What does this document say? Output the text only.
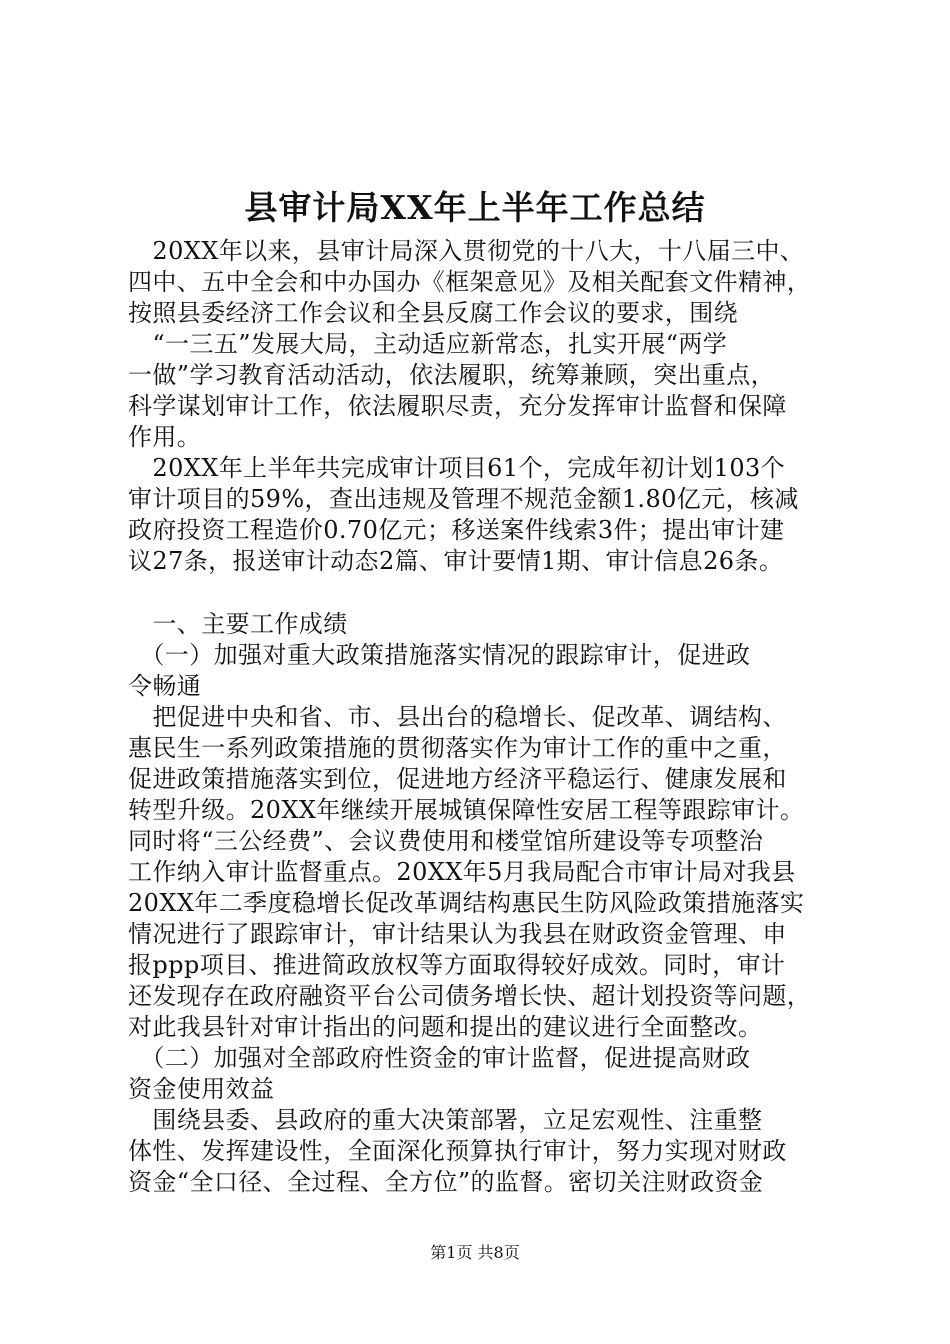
县审计局XX年上半年工作总结
　20XX年以来，县审计局深入贯彻党的十八大，十八届三中、
四中、五中全会和中办国办《框架意见》及相关配套文件精神，
按照县委经济工作会议和全县反腐工作会议的要求，围绕
　“一三五”发展大局，主动适应新常态，扎实开展“两学
一做”学习教育活动活动，依法履职，统筹兼顾，突出重点，
科学谋划审计工作，依法履职尽责，充分发挥审计监督和保障
作用。
　20XX年上半年共完成审计项目61个，完成年初计划103个
审计项目的59%，查出违规及管理不规范金额1.80亿元，核减
政府投资工程造价0.70亿元；移送案件线索3件；提出审计建
议27条，报送审计动态2篇、审计要情1期、审计信息26条。
　一、主要工作成绩
　（一）加强对重大政策措施落实情况的跟踪审计，促进政
令畅通
　把促进中央和省、市、县出台的稳增长、促改革、调结构、
惠民生一系列政策措施的贯彻落实作为审计工作的重中之重，
促进政策措施落实到位，促进地方经济平稳运行、健康发展和
转型升级。20XX年继续开展城镇保障性安居工程等跟踪审计。
同时将“三公经费”、会议费使用和楼堂馆所建设等专项整治
工作纳入审计监督重点。20XX年5月我局配合市审计局对我县
20XX年二季度稳增长促改革调结构惠民生防风险政策措施落实
情况进行了跟踪审计，审计结果认为我县在财政资金管理、申
报ppp项目、推进简政放权等方面取得较好成效。同时，审计
还发现存在政府融资平台公司债务增长快、超计划投资等问题，
对此我县针对审计指出的问题和提出的建议进行全面整改。
　（二）加强对全部政府性资金的审计监督，促进提高财政
资金使用效益
　围绕县委、县政府的重大决策部署，立足宏观性、注重整
体性、发挥建设性，全面深化预算执行审计，努力实现对财政
资金“全口径、全过程、全方位”的监督。密切关注财政资金
第1页 共8页
